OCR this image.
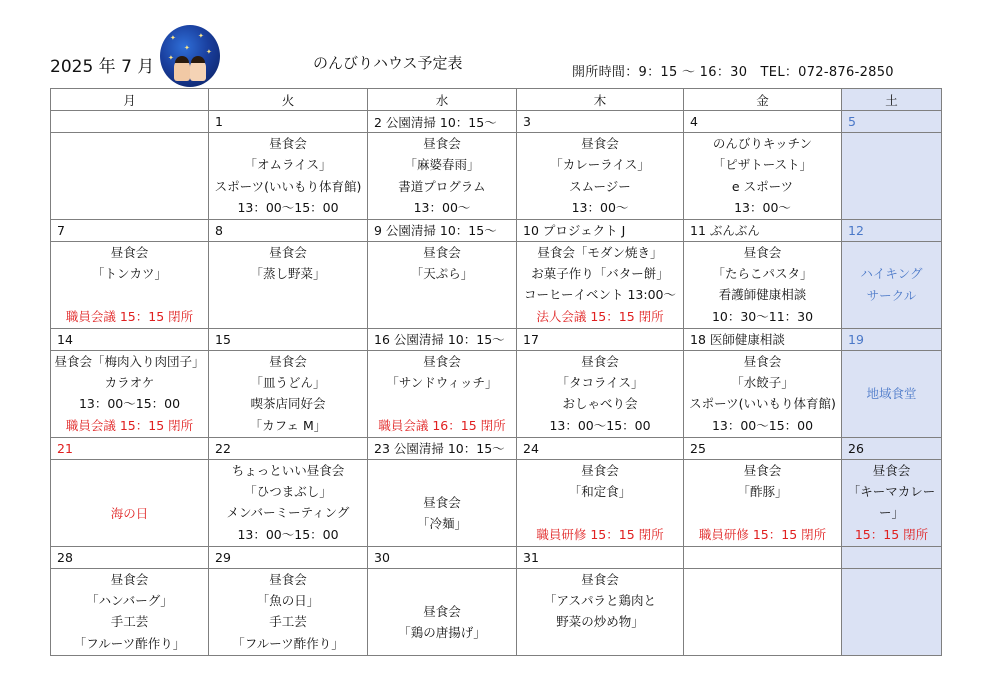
2025 年 7 月
✦	✦
✦ ✦
✦	のんびりハウス予定表
開所時間：9：15 〜 16：30　TEL：072-876-2850
月	火	水	木	金	土
	1	2 公園清掃 10：15〜	3	4	5

	昼食会
「オムライス」
スポーツ(いいもり体育館)
13：00〜15：00	昼食会
「麻婆春雨」
書道プログラム
13：00〜	昼食会
「カレーライス」
スムージー
13：00〜	のんびりキッチン
「ピザトースト」
e スポーツ
13：00〜	

7	8	9 公園清掃 10：15〜	10 プロジェクト J	11 ぶんぶん	12

昼食会
「トンカツ」
職員会議 15：15 閉所	昼食会
「蒸し野菜」	昼食会
「天ぷら」	昼食会「モダン焼き」
お菓子作り「バター餅」
コーヒーイベント 13:00〜
法人会議 15：15 閉所	昼食会
「たらこパスタ」
看護師健康相談
10：30〜11：30	ハイキング
サークル

14	15	16 公園清掃 10：15〜	17	18 医師健康相談	19

昼食会「梅肉入り肉団子」
カラオケ
13：00〜15：00
職員会議 15：15 閉所	昼食会
「皿うどん」
喫茶店同好会
「カフェ M」	昼食会
「サンドウィッチ」
職員会議 16：15 閉所	昼食会
「タコライス」
おしゃべり会
13：00〜15：00	昼食会
「水餃子」
スポーツ(いいもり体育館)
13：00〜15：00	地域食堂

21	22	23 公園清掃 10：15〜	24	25	26

海の日	ちょっといい昼食会
「ひつまぶし」
メンバーミーティング
13：00〜15：00	昼食会
「冷麺」	昼食会
「和定食」
職員研修 15：15 閉所	昼食会
「酢豚」
職員研修 15：15 閉所	昼食会
「キーマカレー
ー」
15：15 閉所

28	29	30	31		

昼食会
「ハンバーグ」
手工芸
「フルーツ酢作り」	昼食会
「魚の日」
手工芸
「フルーツ酢作り」	昼食会
「鶏の唐揚げ」	昼食会
「アスパラと鶏肉と
野菜の炒め物」		
